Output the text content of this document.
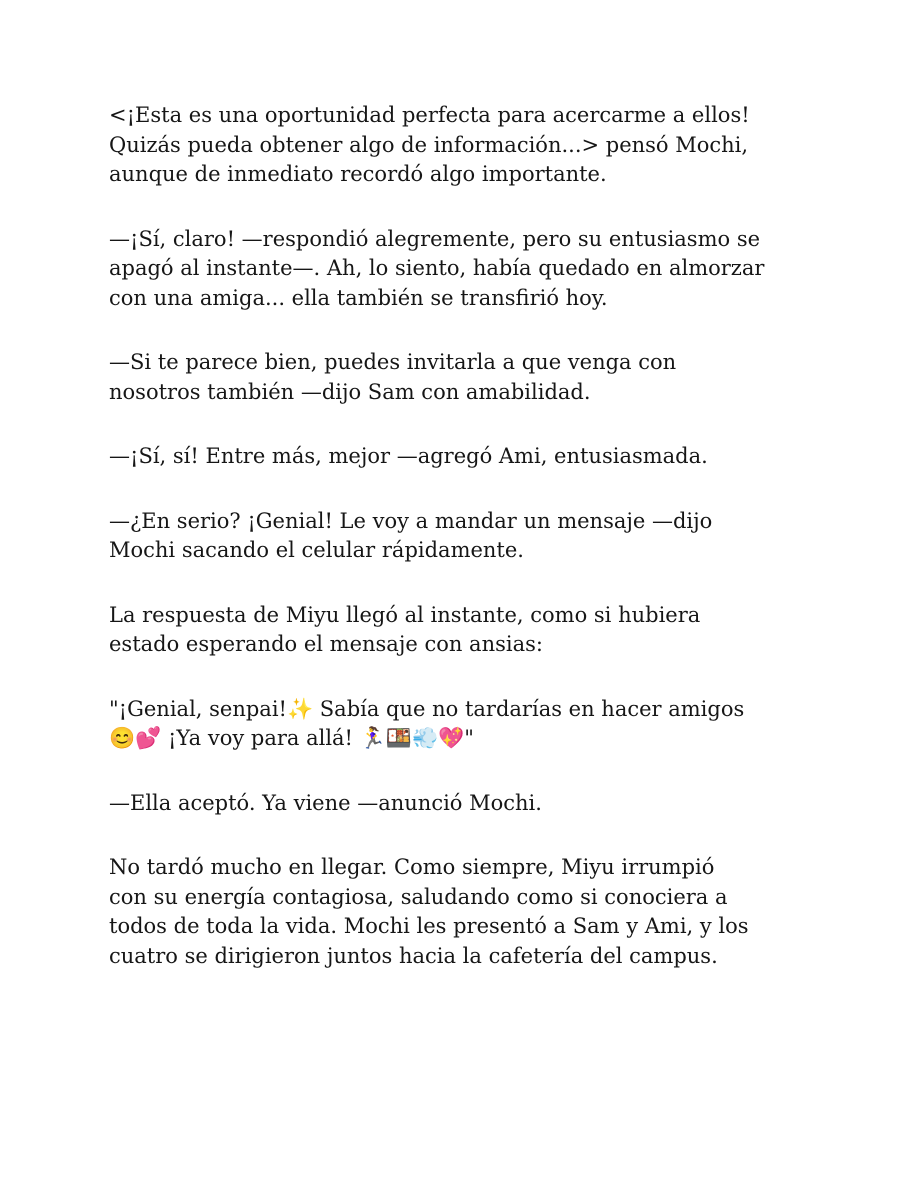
<¡Esta es una oportunidad perfecta para acercarme a ellos!
Quizás pueda obtener algo de información...> pensó Mochi,
aunque de inmediato recordó algo importante.

—¡Sí, claro! —respondió alegremente, pero su entusiasmo se
apagó al instante—. Ah, lo siento, había quedado en almorzar
con una amiga... ella también se transfirió hoy.

—Si te parece bien, puedes invitarla a que venga con
nosotros también —dijo Sam con amabilidad.

—¡Sí, sí! Entre más, mejor —agregó Ami, entusiasmada.

—¿En serio? ¡Genial! Le voy a mandar un mensaje —dijo
Mochi sacando el celular rápidamente.

La respuesta de Miyu llegó al instante, como si hubiera
estado esperando el mensaje con ansias:

"¡Genial, senpai!✨ Sabía que no tardarías en hacer amigos
😊💕 ¡Ya voy para allá! 🏃‍♀️🍱💨💖"

—Ella aceptó. Ya viene —anunció Mochi.

No tardó mucho en llegar. Como siempre, Miyu irrumpió
con su energía contagiosa, saludando como si conociera a
todos de toda la vida. Mochi les presentó a Sam y Ami, y los
cuatro se dirigieron juntos hacia la cafetería del campus.
